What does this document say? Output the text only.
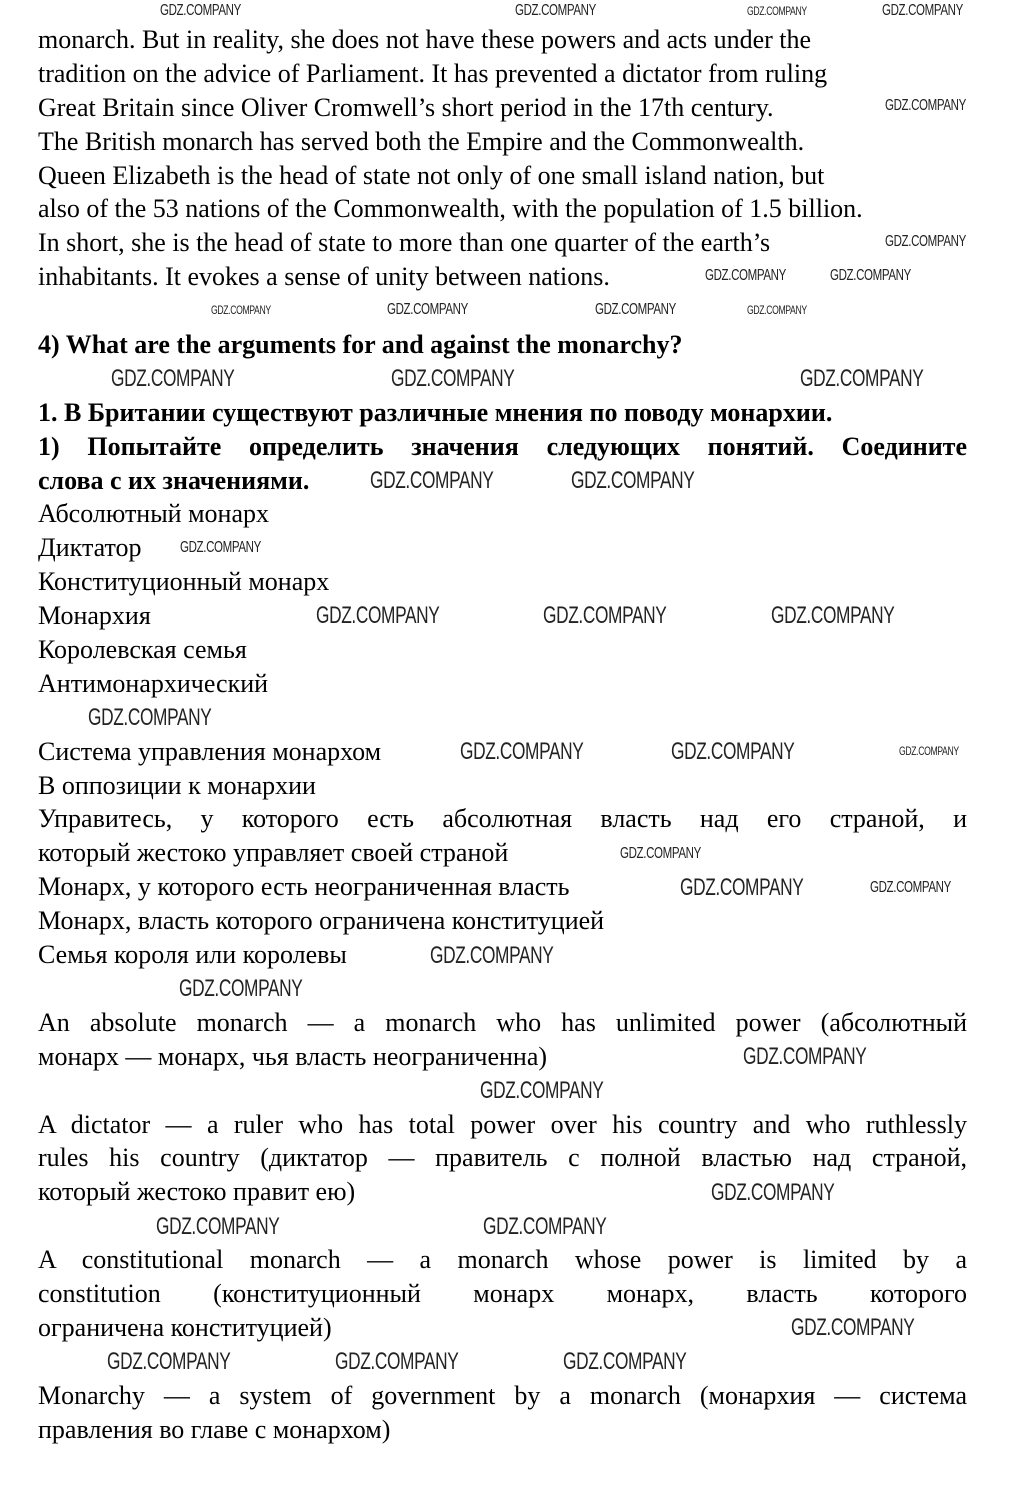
monarch. But in reality, she does not have these powers and acts under the
tradition on the advice of Parliament. It has prevented a dictator from ruling
Great Britain since Oliver Cromwell’s short period in the 17th century.
The British monarch has served both the Empire and the Commonwealth.
Queen Elizabeth is the head of state not only of one small island nation, but
also of the 53 nations of the Commonwealth, with the population of 1.5 billion.
In short, she is the head of state to more than one quarter of the earth’s
inhabitants. It evokes a sense of unity between nations.
4) What are the arguments for and against the monarchy?
1. В Британии существуют различные мнения по поводу монархии.
1) Попытайте определить значения следующих понятий. Соедините
слова с их значениями.
Абсолютный монарх
Диктатор
Конституционный монарх
Монархия
Королевская семья
Антимонархический
Система управления монархом
В оппозиции к монархии
Управитесь, у которого есть абсолютная власть над его страной, и
который жестоко управляет своей страной
Монарх, у которого есть неограниченная власть
Монарх, власть которого ограничена конституцией
Семья короля или королевы
An absolute monarch — a monarch who has unlimited power (абсолютный
монарх — монарх, чья власть неограниченна)
A dictator — a ruler who has total power over his country and who ruthlessly
rules his country (диктатор — правитель с полной властью над страной,
который жестоко правит ею)
A constitutional monarch — a monarch whose power is limited by a
constitution (конституционный монарх монарх, власть которого
ограничена конституцией)
Monarchy — a system of government by a monarch (монархия — система
правления во главе с монархом)
GDZ.COMPANY	GDZ.COMPANY
GDZ.COMPANY
GDZ.COMPANY
GDZ.COMPANY
GDZ.COMPANY
GDZ.COMPANY	GDZ.COMPANY
GDZ.COMPANY
GDZ.COMPANY	GDZ.COMPANY
GDZ.COMPANY
GDZ.COMPANY
GDZ.COMPANY	GDZ.COMPANY
GDZ.COMPANY	GDZ.COMPANY
GDZ.COMPANY
GDZ.COMPANY	GDZ.COMPANY	GDZ.COMPANY
GDZ.COMPANY
GDZ.COMPANY	GDZ.COMPANY	GDZ.COMPANY
GDZ.COMPANY
GDZ.COMPANY	GDZ.COMPANY
GDZ.COMPANY
GDZ.COMPANY
GDZ.COMPANY
GDZ.COMPANY
GDZ.COMPANY
GDZ.COMPANY
GDZ.COMPANY
GDZ.COMPANY
GDZ.COMPANY
GDZ.COMPANY	GDZ.COMPANY
